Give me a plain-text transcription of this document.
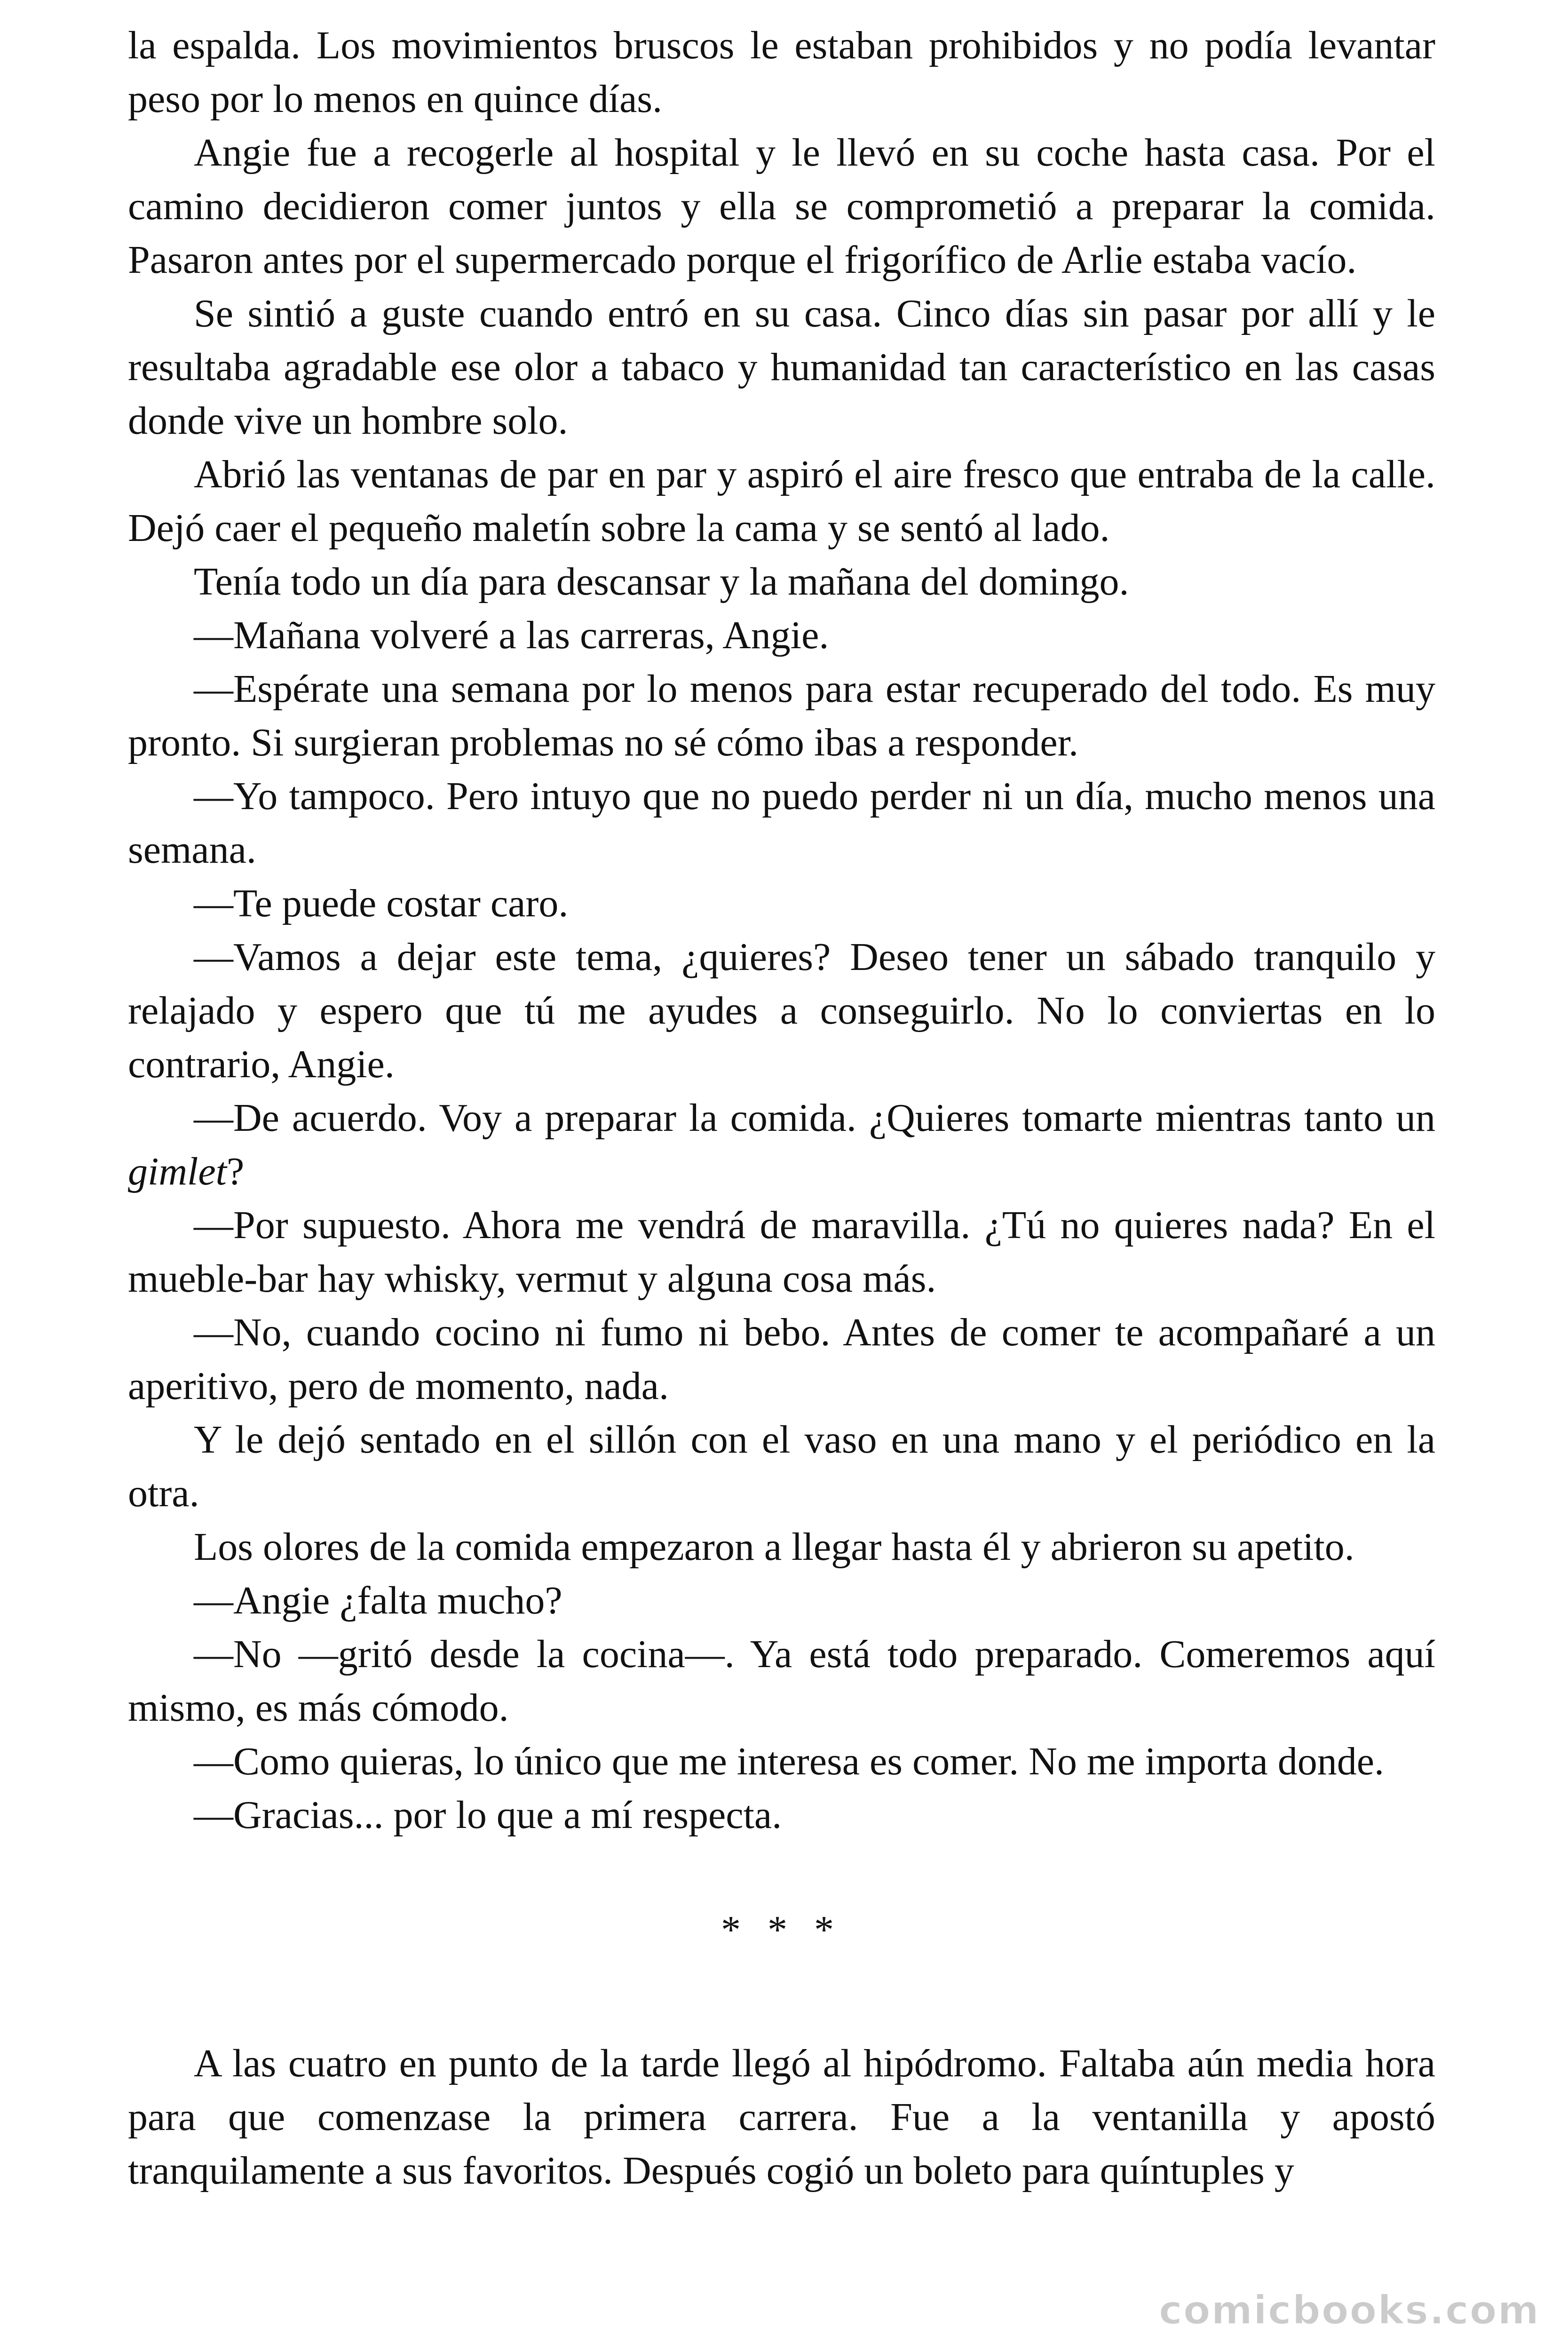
la espalda. Los movimientos bruscos le estaban prohibidos y no podía levantar peso por lo menos en quince días.

Angie fue a recogerle al hospital y le llevó en su coche hasta casa. Por el camino decidieron comer juntos y ella se comprometió a preparar la comida. Pasaron antes por el supermercado porque el frigorífico de Arlie estaba vacío.

Se sintió a guste cuando entró en su casa. Cinco días sin pasar por allí y le resultaba agradable ese olor a tabaco y humanidad tan característico en las casas donde vive un hombre solo.

Abrió las ventanas de par en par y aspiró el aire fresco que entraba de la calle. Dejó caer el pequeño maletín sobre la cama y se sentó al lado.

Tenía todo un día para descansar y la mañana del domingo.

—Mañana volveré a las carreras, Angie.

—Espérate una semana por lo menos para estar recuperado del todo. Es muy pronto. Si surgieran problemas no sé cómo ibas a responder.

—Yo tampoco. Pero intuyo que no puedo perder ni un día, mucho menos una semana.

—Te puede costar caro.

—Vamos a dejar este tema, ¿quieres? Deseo tener un sábado tranquilo y relajado y espero que tú me ayudes a conseguirlo. No lo conviertas en lo contrario, Angie.

—De acuerdo. Voy a preparar la comida. ¿Quieres tomarte mientras tanto un gimlet?

—Por supuesto. Ahora me vendrá de maravilla. ¿Tú no quieres nada? En el mueble-bar hay whisky, vermut y alguna cosa más.

—No, cuando cocino ni fumo ni bebo. Antes de comer te acompañaré a un aperitivo, pero de momento, nada.

Y le dejó sentado en el sillón con el vaso en una mano y el periódico en la otra.

Los olores de la comida empezaron a llegar hasta él y abrieron su apetito.

—Angie ¿falta mucho?

—No —gritó desde la cocina—. Ya está todo preparado. Comeremos aquí mismo, es más cómodo.

—Como quieras, lo único que me interesa es comer. No me importa donde.

—Gracias... por lo que a mí respecta.

* * *

A las cuatro en punto de la tarde llegó al hipódromo. Faltaba aún media hora para que comenzase la primera carrera. Fue a la ventanilla y apostó tranquilamente a sus favoritos. Después cogió un boleto para quíntuples y

comicbooks.com
